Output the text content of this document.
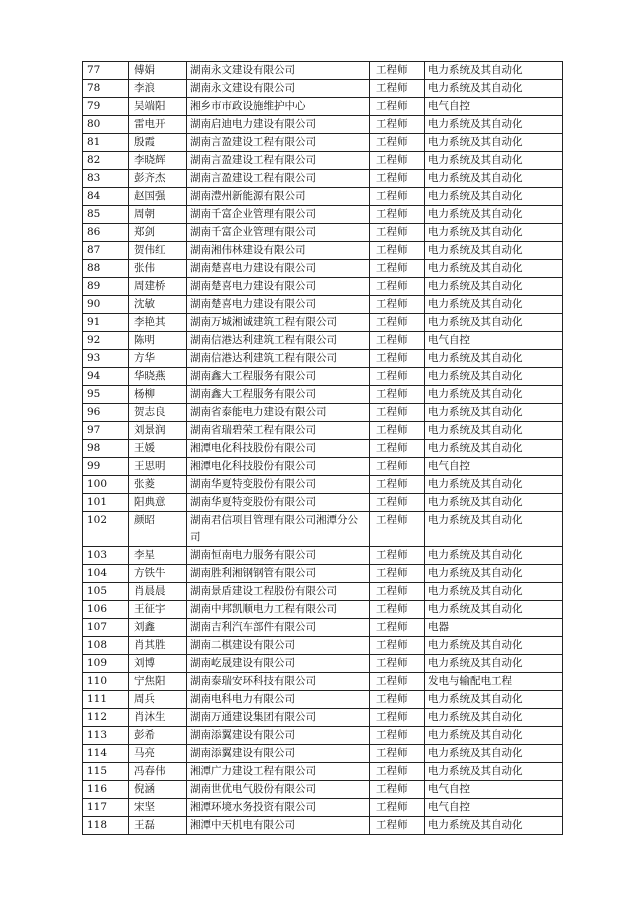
77	傅娟	湖南永文建设有限公司	工程师	电力系统及其自动化
78	李浪	湖南永文建设有限公司	工程师	电力系统及其自动化
79	吴端阳	湘乡市市政设施维护中心	工程师	电气自控
80	雷电开	湖南启迪电力建设有限公司	工程师	电力系统及其自动化
81	殷霞	湖南言盈建设工程有限公司	工程师	电力系统及其自动化
82	李晓辉	湖南言盈建设工程有限公司	工程师	电力系统及其自动化
83	彭齐杰	湖南言盈建设工程有限公司	工程师	电力系统及其自动化
84	赵国强	湖南澧州新能源有限公司	工程师	电力系统及其自动化
85	周朝	湖南千富企业管理有限公司	工程师	电力系统及其自动化
86	郑剑	湖南千富企业管理有限公司	工程师	电力系统及其自动化
87	贺伟红	湖南湘伟林建设有限公司	工程师	电力系统及其自动化
88	张伟	湖南楚喜电力建设有限公司	工程师	电力系统及其自动化
89	周建桥	湖南楚喜电力建设有限公司	工程师	电力系统及其自动化
90	沈敏	湖南楚喜电力建设有限公司	工程师	电力系统及其自动化
91	李艳其	湖南万城湘诚建筑工程有限公司	工程师	电力系统及其自动化
92	陈明	湖南信港达利建筑工程有限公司	工程师	电气自控
93	方华	湖南信港达利建筑工程有限公司	工程师	电力系统及其自动化
94	华晓燕	湖南鑫大工程服务有限公司	工程师	电力系统及其自动化
95	杨柳	湖南鑫大工程服务有限公司	工程师	电力系统及其自动化
96	贺志良	湖南省泰能电力建设有限公司	工程师	电力系统及其自动化
97	刘景润	湖南省瑞碧荣工程有限公司	工程师	电力系统及其自动化
98	王媛	湘潭电化科技股份有限公司	工程师	电力系统及其自动化
99	王思明	湘潭电化科技股份有限公司	工程师	电气自控
100	张菱	湖南华夏特变股份有限公司	工程师	电力系统及其自动化
101	阳典意	湖南华夏特变股份有限公司	工程师	电力系统及其自动化
102	颜昭	湖南君信项目管理有限公司湘潭分公司	工程师	电力系统及其自动化
103	李星	湖南恒南电力服务有限公司	工程师	电力系统及其自动化
104	方铁牛	湖南胜利湘钢钢管有限公司	工程师	电力系统及其自动化
105	肖晨晨	湖南景盾建设工程股份有限公司	工程师	电力系统及其自动化
106	王征宇	湖南中邦凯顺电力工程有限公司	工程师	电力系统及其自动化
107	刘鑫	湖南吉利汽车部件有限公司	工程师	电器
108	肖其胜	湖南二棋建设有限公司	工程师	电力系统及其自动化
109	刘博	湖南屹晟建设有限公司	工程师	电力系统及其自动化
110	宁焦阳	湖南泰瑞安环科技有限公司	工程师	发电与输配电工程
111	周兵	湖南电科电力有限公司	工程师	电力系统及其自动化
112	肖沐生	湖南万通建设集团有限公司	工程师	电力系统及其自动化
113	彭希	湖南添翼建设有限公司	工程师	电力系统及其自动化
114	马亮	湖南添翼建设有限公司	工程师	电力系统及其自动化
115	冯春伟	湘潭广力建设工程有限公司	工程师	电力系统及其自动化
116	倪涵	湖南世优电气股份有限公司	工程师	电气自控
117	宋坚	湘潭环境水务投资有限公司	工程师	电气自控
118	王磊	湘潭中天机电有限公司	工程师	电力系统及其自动化
